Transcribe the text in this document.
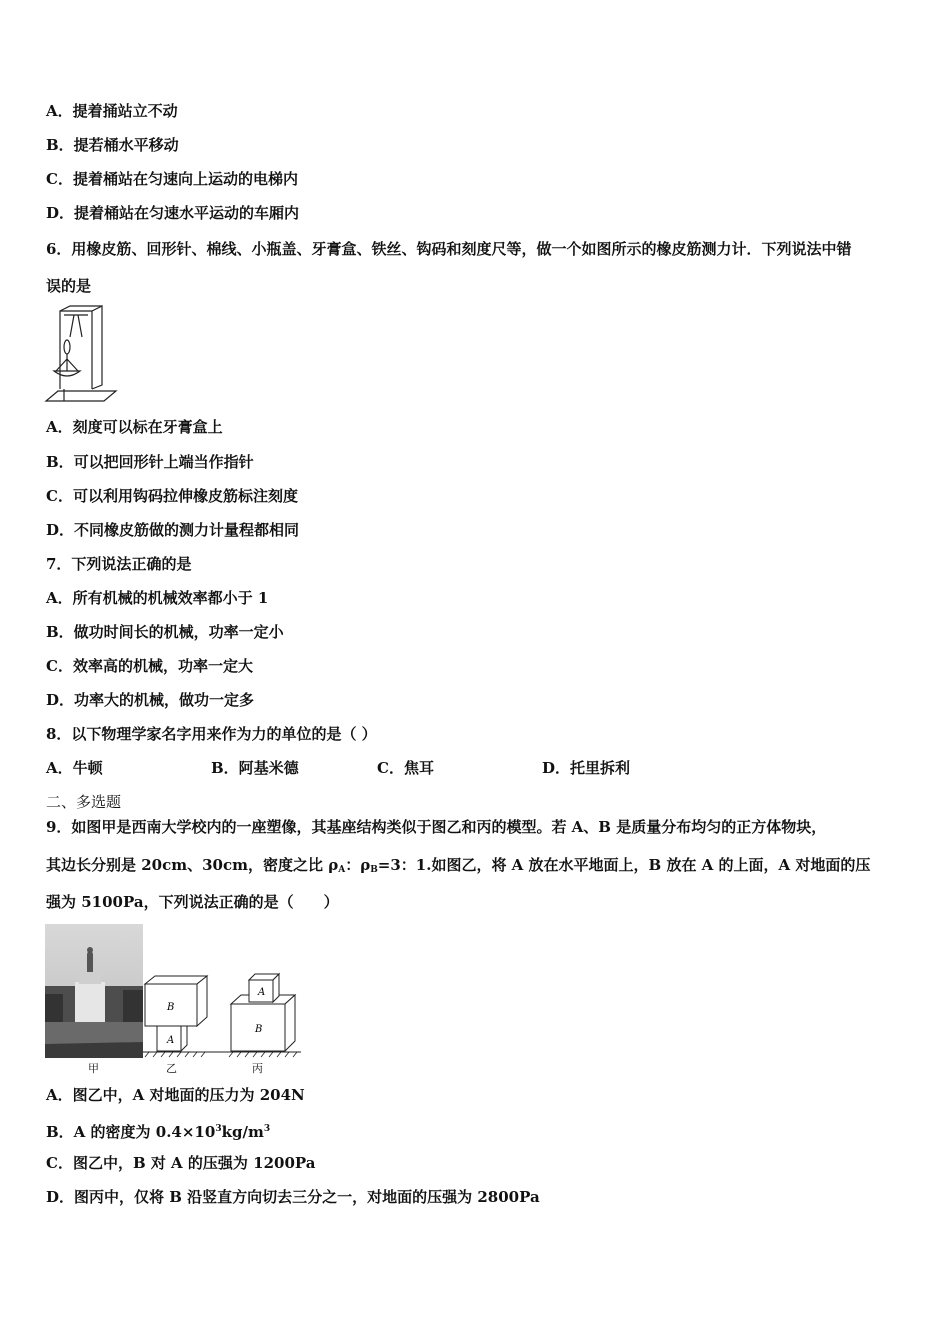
A．提着捅站立不动
B．提若桶水平移动
C．提着桶站在匀速向上运动的电梯内
D．提着桶站在匀速水平运动的车厢内
6．用橡皮筋、回形针、棉线、小瓶盖、牙膏盒、铁丝、钩码和刻度尺等，做一个如图所示的橡皮筋测力计．下列说法中错
误的是
A．刻度可以标在牙膏盒上
B．可以把回形针上端当作指针
C．可以利用钩码拉伸橡皮筋标注刻度
D．不同橡皮筋做的测力计量程都相同
7．下列说法正确的是
A．所有机械的机械效率都小于 1
B．做功时间长的机械，功率一定小
C．效率高的机械，功率一定大
D．功率大的机械，做功一定多
8．以下物理学家名字用来作为力的单位的是（ ）
A．牛顿	B．阿基米德	C．焦耳	D．托里拆利
二、多选题
9．如图甲是西南大学校内的一座塑像，其基座结构类似于图乙和丙的模型。若 A、B 是质量分布均匀的正方体物块，
其边长分别是 20cm、30cm，密度之比 $\rho_A$：$\rho_B=3$：1.如图乙，将 A 放在水平地面上，B 放在 A 的上面，A 对地面的压
强为 5100Pa，下列说法正确的是（　　）
A
B
B
A
甲	乙	丙
A．图乙中，A 对地面的压力为 204N
B．A 的密度为 $0.4\times 10^3kg/m^3$
C．图乙中，B 对 A 的压强为 1200Pa
D．图丙中，仅将 B 沿竖直方向切去三分之一，对地面的压强为 2800Pa
